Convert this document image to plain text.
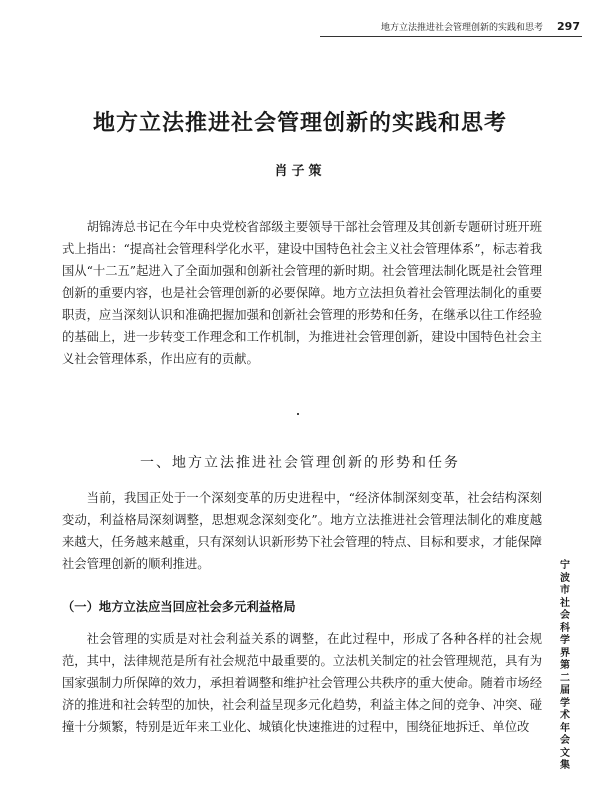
地方立法推进社会管理创新的实践和思考 297
地方立法推进社会管理创新的实践和思考
肖子策

胡锦涛总书记在今年中央党校省部级主要领导干部社会管理及其创新专题研讨班开班式上指出：“提高社会管理科学化水平，建设中国特色社会主义社会管理体系”，标志着我国从“十二五”起进入了全面加强和创新社会管理的新时期。社会管理法制化既是社会管理创新的重要内容，也是社会管理创新的必要保障。地方立法担负着社会管理法制化的重要职责，应当深刻认识和准确把握加强和创新社会管理的形势和任务，在继承以往工作经验的基础上，进一步转变工作理念和工作机制，为推进社会管理创新，建设中国特色社会主义社会管理体系，作出应有的贡献。

一、地方立法推进社会管理创新的形势和任务

当前，我国正处于一个深刻变革的历史进程中，“经济体制深刻变革，社会结构深刻变动，利益格局深刻调整，思想观念深刻变化”。地方立法推进社会管理法制化的难度越来越大，任务越来越重，只有深刻认识新形势下社会管理的特点、目标和要求，才能保障社会管理创新的顺利推进。

（一）地方立法应当回应社会多元利益格局

社会管理的实质是对社会利益关系的调整，在此过程中，形成了各种各样的社会规范，其中，法律规范是所有社会规范中最重要的。立法机关制定的社会管理规范，具有为国家强制力所保障的效力，承担着调整和维护社会管理公共秩序的重大使命。随着市场经济的推进和社会转型的加快，社会利益呈现多元化趋势，利益主体之间的竞争、冲突、碰撞十分频繁，特别是近年来工业化、城镇化快速推进的过程中，围绕征地拆迁、单位改

宁波市社会科学界第二届学术年会文集
